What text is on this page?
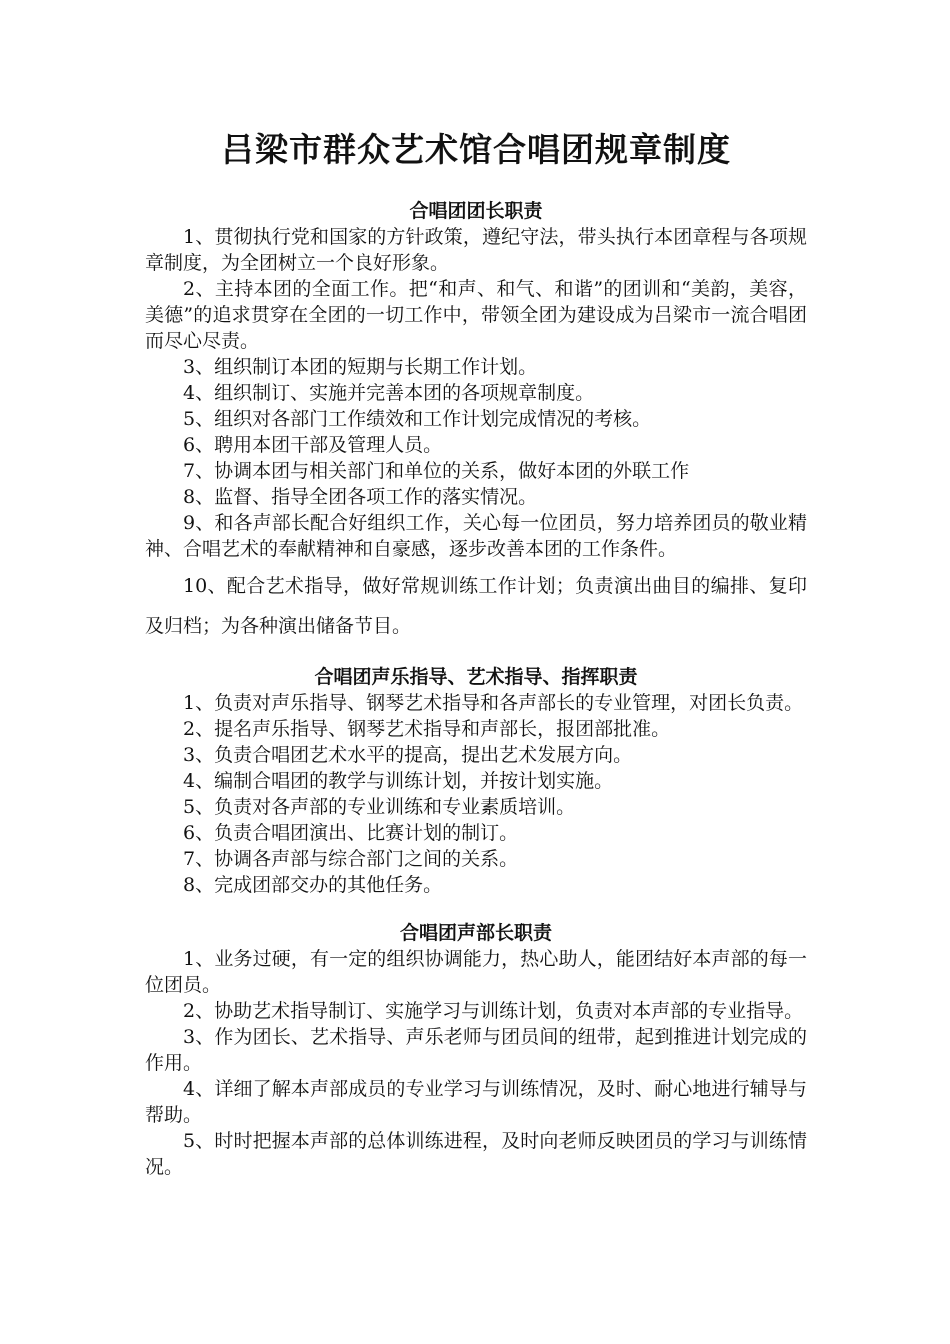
吕梁市群众艺术馆合唱团规章制度
合唱团团长职责

1、贯彻执行党和国家的方针政策，遵纪守法，带头执行本团章程与各项规章制度，为全团树立一个良好形象。

2、主持本团的全面工作。把“和声、和气、和谐”的团训和“美韵，美容，美德”的追求贯穿在全团的一切工作中，带领全团为建设成为吕梁市一流合唱团而尽心尽责。

3、组织制订本团的短期与长期工作计划。

4、组织制订、实施并完善本团的各项规章制度。

5、组织对各部门工作绩效和工作计划完成情况的考核。

6、聘用本团干部及管理人员。

7、协调本团与相关部门和单位的关系，做好本团的外联工作

8、监督、指导全团各项工作的落实情况。

9、和各声部长配合好组织工作，关心每一位团员，努力培养团员的敬业精神、合唱艺术的奉献精神和自豪感，逐步改善本团的工作条件。

10、配合艺术指导，做好常规训练工作计划；负责演出曲目的编排、复印及归档；为各种演出储备节目。

合唱团声乐指导、艺术指导、指挥职责

1、负责对声乐指导、钢琴艺术指导和各声部长的专业管理，对团长负责。

2、提名声乐指导、钢琴艺术指导和声部长，报团部批准。

3、负责合唱团艺术水平的提高，提出艺术发展方向。

4、编制合唱团的教学与训练计划，并按计划实施。

5、负责对各声部的专业训练和专业素质培训。

6、负责合唱团演出、比赛计划的制订。

7、协调各声部与综合部门之间的关系。

8、完成团部交办的其他任务。

合唱团声部长职责

1、业务过硬，有一定的组织协调能力，热心助人，能团结好本声部的每一位团员。

2、协助艺术指导制订、实施学习与训练计划，负责对本声部的专业指导。

3、作为团长、艺术指导、声乐老师与团员间的纽带，起到推进计划完成的作用。

4、详细了解本声部成员的专业学习与训练情况，及时、耐心地进行辅导与帮助。

5、时时把握本声部的总体训练进程，及时向老师反映团员的学习与训练情况。
